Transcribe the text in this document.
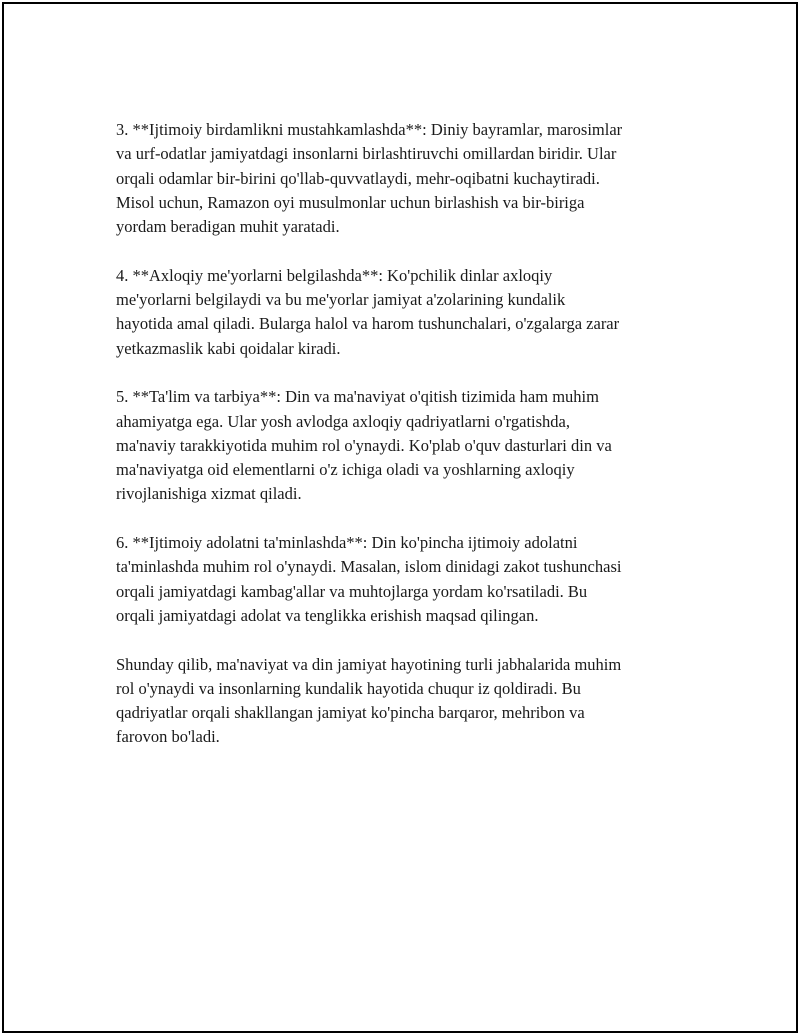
3. **Ijtimoiy birdamlikni mustahkamlashda**: Diniy bayramlar, marosimlar
va urf-odatlar jamiyatdagi insonlarni birlashtiruvchi omillardan biridir. Ular
orqali odamlar bir-birini qo'llab-quvvatlaydi, mehr-oqibatni kuchaytiradi.
Misol uchun, Ramazon oyi musulmonlar uchun birlashish va bir-biriga
yordam beradigan muhit yaratadi.

4. **Axloqiy me'yorlarni belgilashda**: Ko'pchilik dinlar axloqiy
me'yorlarni belgilaydi va bu me'yorlar jamiyat a'zolarining kundalik
hayotida amal qiladi. Bularga halol va harom tushunchalari, o'zgalarga zarar
yetkazmaslik kabi qoidalar kiradi.

5. **Ta'lim va tarbiya**: Din va ma'naviyat o'qitish tizimida ham muhim
ahamiyatga ega. Ular yosh avlodga axloqiy qadriyatlarni o'rgatishda,
ma'naviy tarakkiyotida muhim rol o'ynaydi. Ko'plab o'quv dasturlari din va
ma'naviyatga oid elementlarni o'z ichiga oladi va yoshlarning axloqiy
rivojlanishiga xizmat qiladi.

6. **Ijtimoiy adolatni ta'minlashda**: Din ko'pincha ijtimoiy adolatni
ta'minlashda muhim rol o'ynaydi. Masalan, islom dinidagi zakot tushunchasi
orqali jamiyatdagi kambag'allar va muhtojlarga yordam ko'rsatiladi. Bu
orqali jamiyatdagi adolat va tenglikka erishish maqsad qilingan.

Shunday qilib, ma'naviyat va din jamiyat hayotining turli jabhalarida muhim
rol o'ynaydi va insonlarning kundalik hayotida chuqur iz qoldiradi. Bu
qadriyatlar orqali shakllangan jamiyat ko'pincha barqaror, mehribon va
farovon bo'ladi.
